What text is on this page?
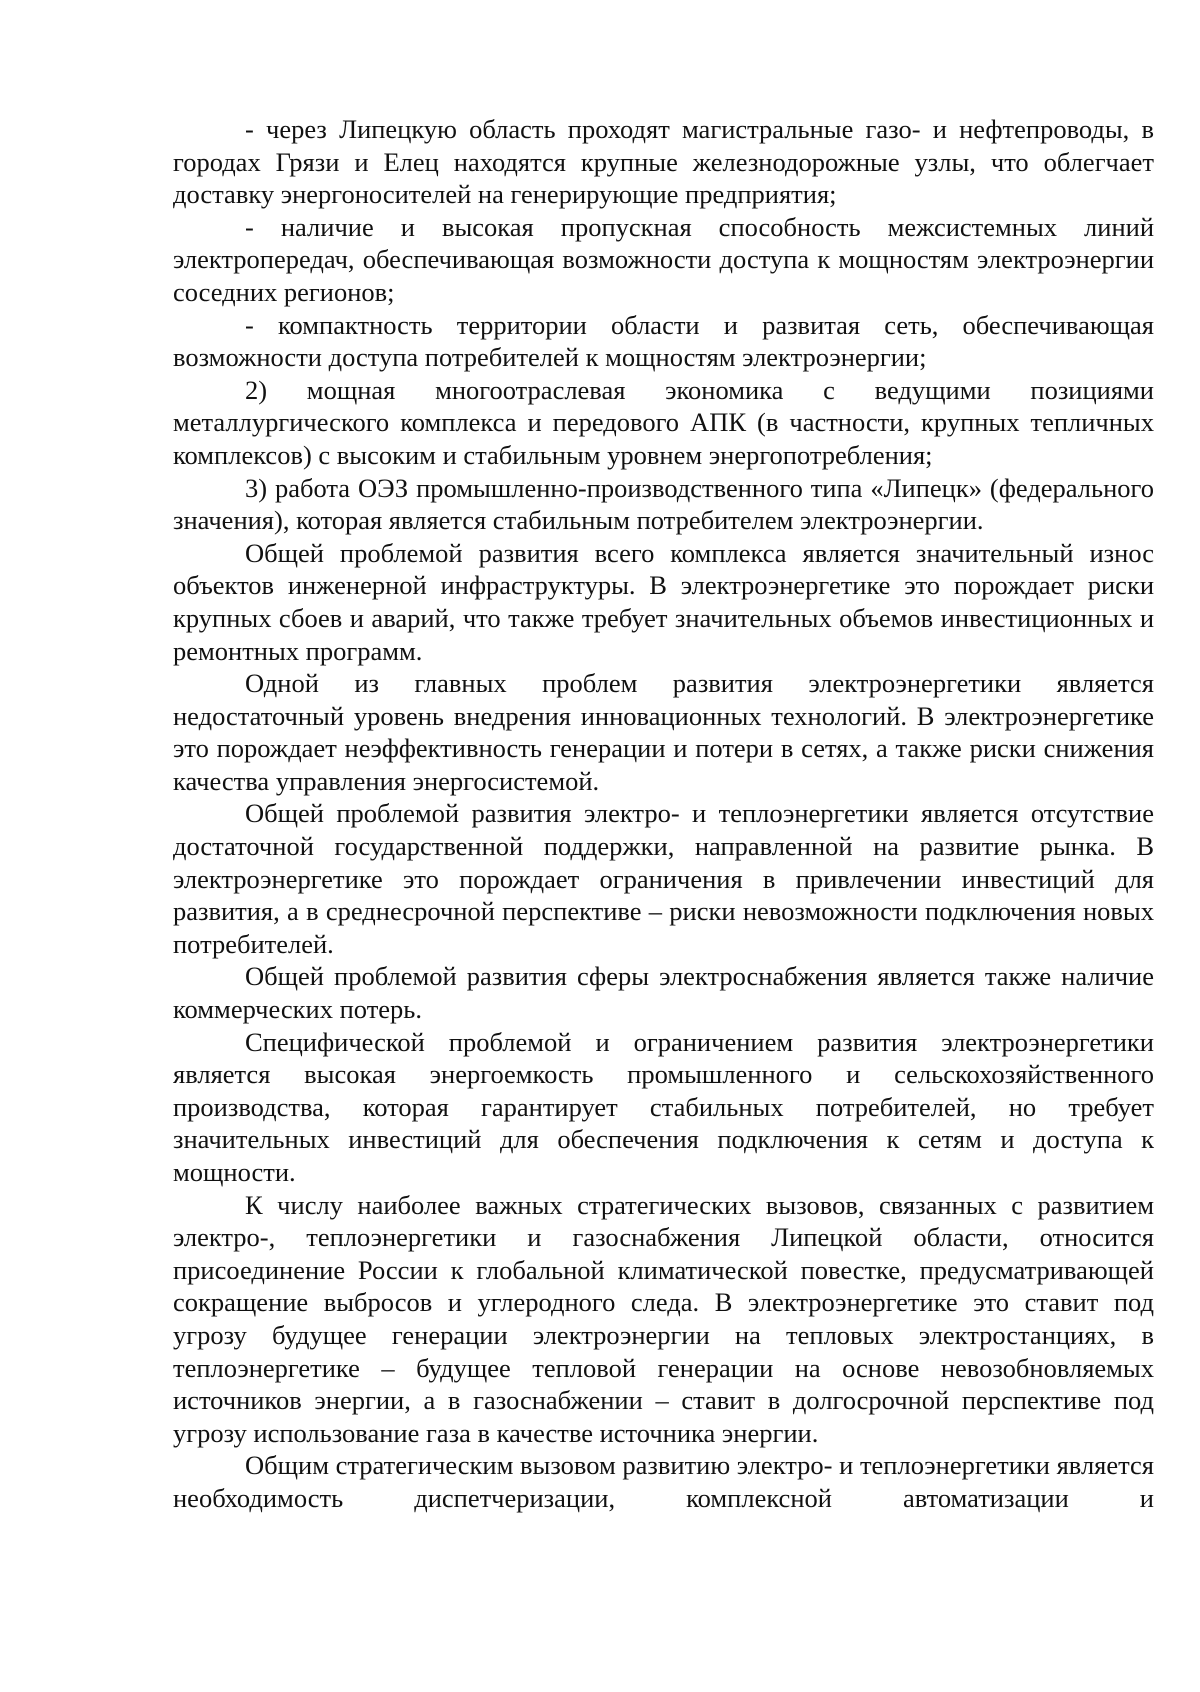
- через Липецкую область проходят магистральные газо- и нефтепроводы, в городах Грязи и Елец находятся крупные железнодорожные узлы, что облегчает доставку энергоносителей на генерирующие предприятия;

- наличие и высокая пропускная способность межсистемных линий электропередач, обеспечивающая возможности доступа к мощностям электроэнергии соседних регионов;

- компактность территории области и развитая сеть, обеспечивающая возможности доступа потребителей к мощностям электроэнергии;

2) мощная многоотраслевая экономика с ведущими позициями металлургического комплекса и передового АПК (в частности, крупных тепличных комплексов) с высоким и стабильным уровнем энергопотребления;

3) работа ОЭЗ промышленно-производственного типа «Липецк» (федерального значения), которая является стабильным потребителем электроэнергии.

Общей проблемой развития всего комплекса является значительный износ объектов инженерной инфраструктуры. В электроэнергетике это порождает риски крупных сбоев и аварий, что также требует значительных объемов инвестиционных и ремонтных программ.

Одной из главных проблем развития электроэнергетики является недостаточный уровень внедрения инновационных технологий. В электроэнергетике это порождает неэффективность генерации и потери в сетях, а также риски снижения качества управления энергосистемой.

Общей проблемой развития электро- и теплоэнергетики является отсутствие достаточной государственной поддержки, направленной на развитие рынка. В электроэнергетике это порождает ограничения в привлечении инвестиций для развития, а в среднесрочной перспективе – риски невозможности подключения новых потребителей.

Общей проблемой развития сферы электроснабжения является также наличие коммерческих потерь.

Специфической проблемой и ограничением развития электроэнергетики является высокая энергоемкость промышленного и сельскохозяйственного производства, которая гарантирует стабильных потребителей, но требует значительных инвестиций для обеспечения подключения к сетям и доступа к мощности.

К числу наиболее важных стратегических вызовов, связанных с развитием электро-, теплоэнергетики и газоснабжения Липецкой области, относится присоединение России к глобальной климатической повестке, предусматривающей сокращение выбросов и углеродного следа. В электроэнергетике это ставит под угрозу будущее генерации электроэнергии на тепловых электростанциях, в теплоэнергетике – будущее тепловой генерации на основе невозобновляемых источников энергии, а в газоснабжении – ставит в долгосрочной перспективе под угрозу использование газа в качестве источника энергии.

Общим стратегическим вызовом развитию электро- и теплоэнергетики является необходимость диспетчеризации, комплексной автоматизации и
